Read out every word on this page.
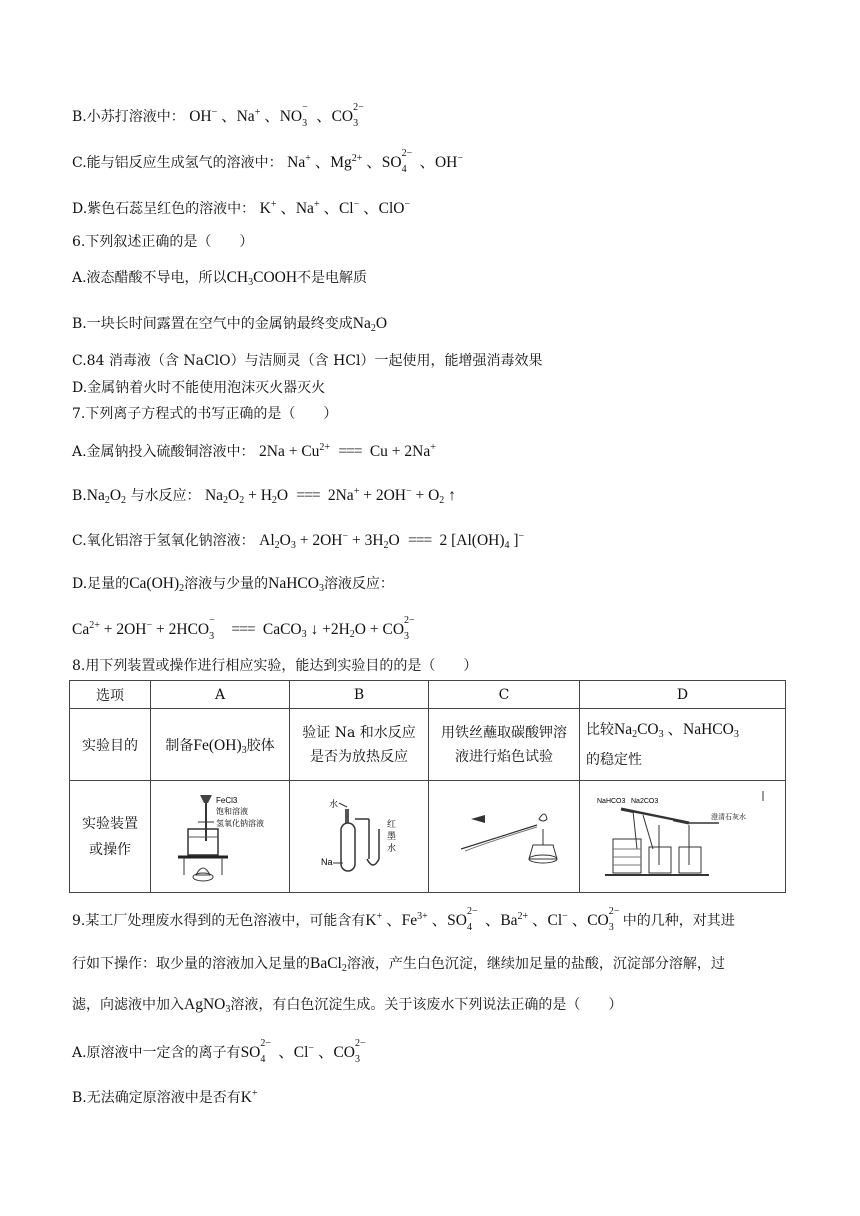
B.小苏打溶液中： OH− 、Na+ 、NO
−
3 、CO
2−
3
C.能与铝反应生成氢气的溶液中： Na+ 、$Mg^{2+}$ 、SO
2−
4 、OH−
D.紫色石蕊呈红色的溶液中： K+ 、Na+ 、Cl− 、ClO−
6.下列叙述正确的是（　　）
A.液态醋酸不导电，所以$CH_3COOH$不是电解质
B.一块长时间露置在空气中的金属钠最终变成$Na_2O$
C.84 消毒液（含 NaClO）与洁厕灵（含 HCl）一起使用，能增强消毒效果
D.金属钠着火时不能使用泡沫灭火器灭火
7.下列离子方程式的书写正确的是（　　）
A.金属钠投入硫酸铜溶液中： $2Na + Cu^{2+}$ === Cu + 2Na+
$B.Na_2O_2$ 与水反应： $Na_2O_2 + H_2O$ === $2Na^+ + 2OH^- + O_2$ ↑
C.氧化铝溶于氢氧化钠溶液： $Al_2O_3 + 2OH^- + 3H_2O$ === 2 [$Al(OH)_4$ ]−
D.足量的$Ca(OH)_2$溶液与少量的NaHCO$_3$溶液反应：
$Ca^{2+} + 2OH^- + 2HCO$
−
3 === CaCO$_3$ ↓ $+2H_2O$ + CO
2−
3
8.用下列装置或操作进行相应实验，能达到实验目的的是（　　）
选项	A	B	C	D
实验目的	制备$Fe(OH)_3$胶体	验证 Na 和水反应是否为放热反应	用铁丝蘸取碳酸钾溶液进行焰色试验	比较$Na_2CO_3$ 、NaHCO$_3$
的稳定性
实验装置或操作	FeCl3
饱和溶液
氢氧化钠溶液	水
红
墨
水
Na		NaHCO3 Na2CO3
澄清石灰水
9.某工厂处理废水得到的无色溶液中，可能含有K+ 、$Fe^{3+}$ 、SO
2−
4 、$Ba^{2+}$ 、Cl− 、CO
2−
3 中的几种，对其进
行如下操作：取少量的溶液加入足量的BaCl$_2$溶液，产生白色沉淀，继续加足量的盐酸，沉淀部分溶解，过
滤，向滤液中加入AgNO$_3$溶液，有白色沉淀生成。关于该废水下列说法正确的是（　　）
A.原溶液中一定含的离子有SO
2−
4 、Cl− 、CO
2−
3
B.无法确定原溶液中是否有K+
